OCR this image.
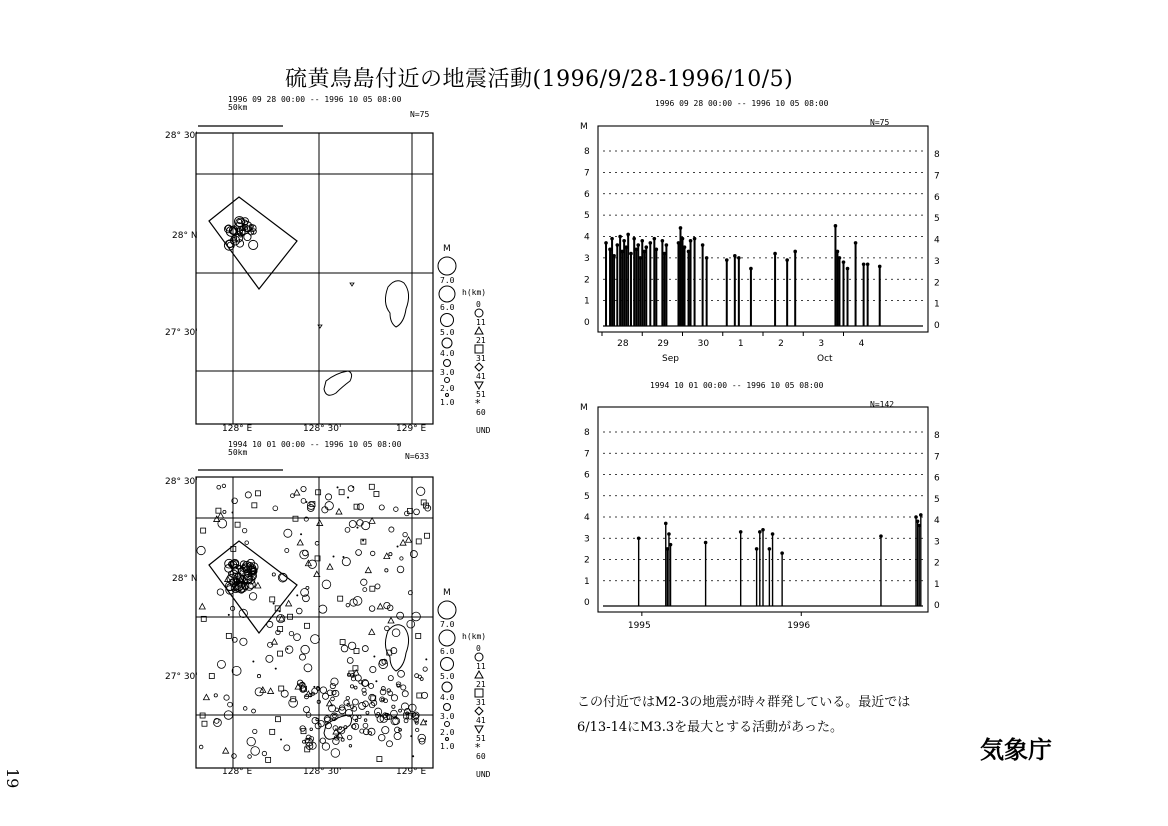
硫黄鳥島付近の地震活動(1996/9/28-1996/10/5)
1996 09 28 00:00 -- 1996 10 05 08:00
50km
N=75
28° 30'
28° N
27° 30'
128° E	128° 30'	129° E
1994 10 01 00:00 -- 1996 10 05 08:00
50km	N=633
28° 30'
28° N
27° 30'
128° E	128° 30'	129° E
M
7.0
6.0
5.0
4.0
3.0
2.0
1.0
h(km)
0
11
21
31
41
51
60
UND
M
7.0
6.0
5.0
4.0
3.0
2.0
1.0
h(km)
0
11
21
31
41
51
60
UND
1996 09 28 00:00 -- 1996 10 05 08:00
N=75
M
Sep	Oct
1994 10 01 00:00 -- 1996 10 05 08:00
N=142
M
この付近ではM2-3の地震が時々群発している。最近では
6/13-14にM3.3を最大とする活動があった。
気象庁
19
*
*
0	0
1	1
2	2
3	3
4	4
5	5
6	6
7	7
8	8
28	29	30	1	2	3	4
0	0
1	1
2	2
3	3
4	4
5	5
6	6
7	7
8	8
1995	1996
